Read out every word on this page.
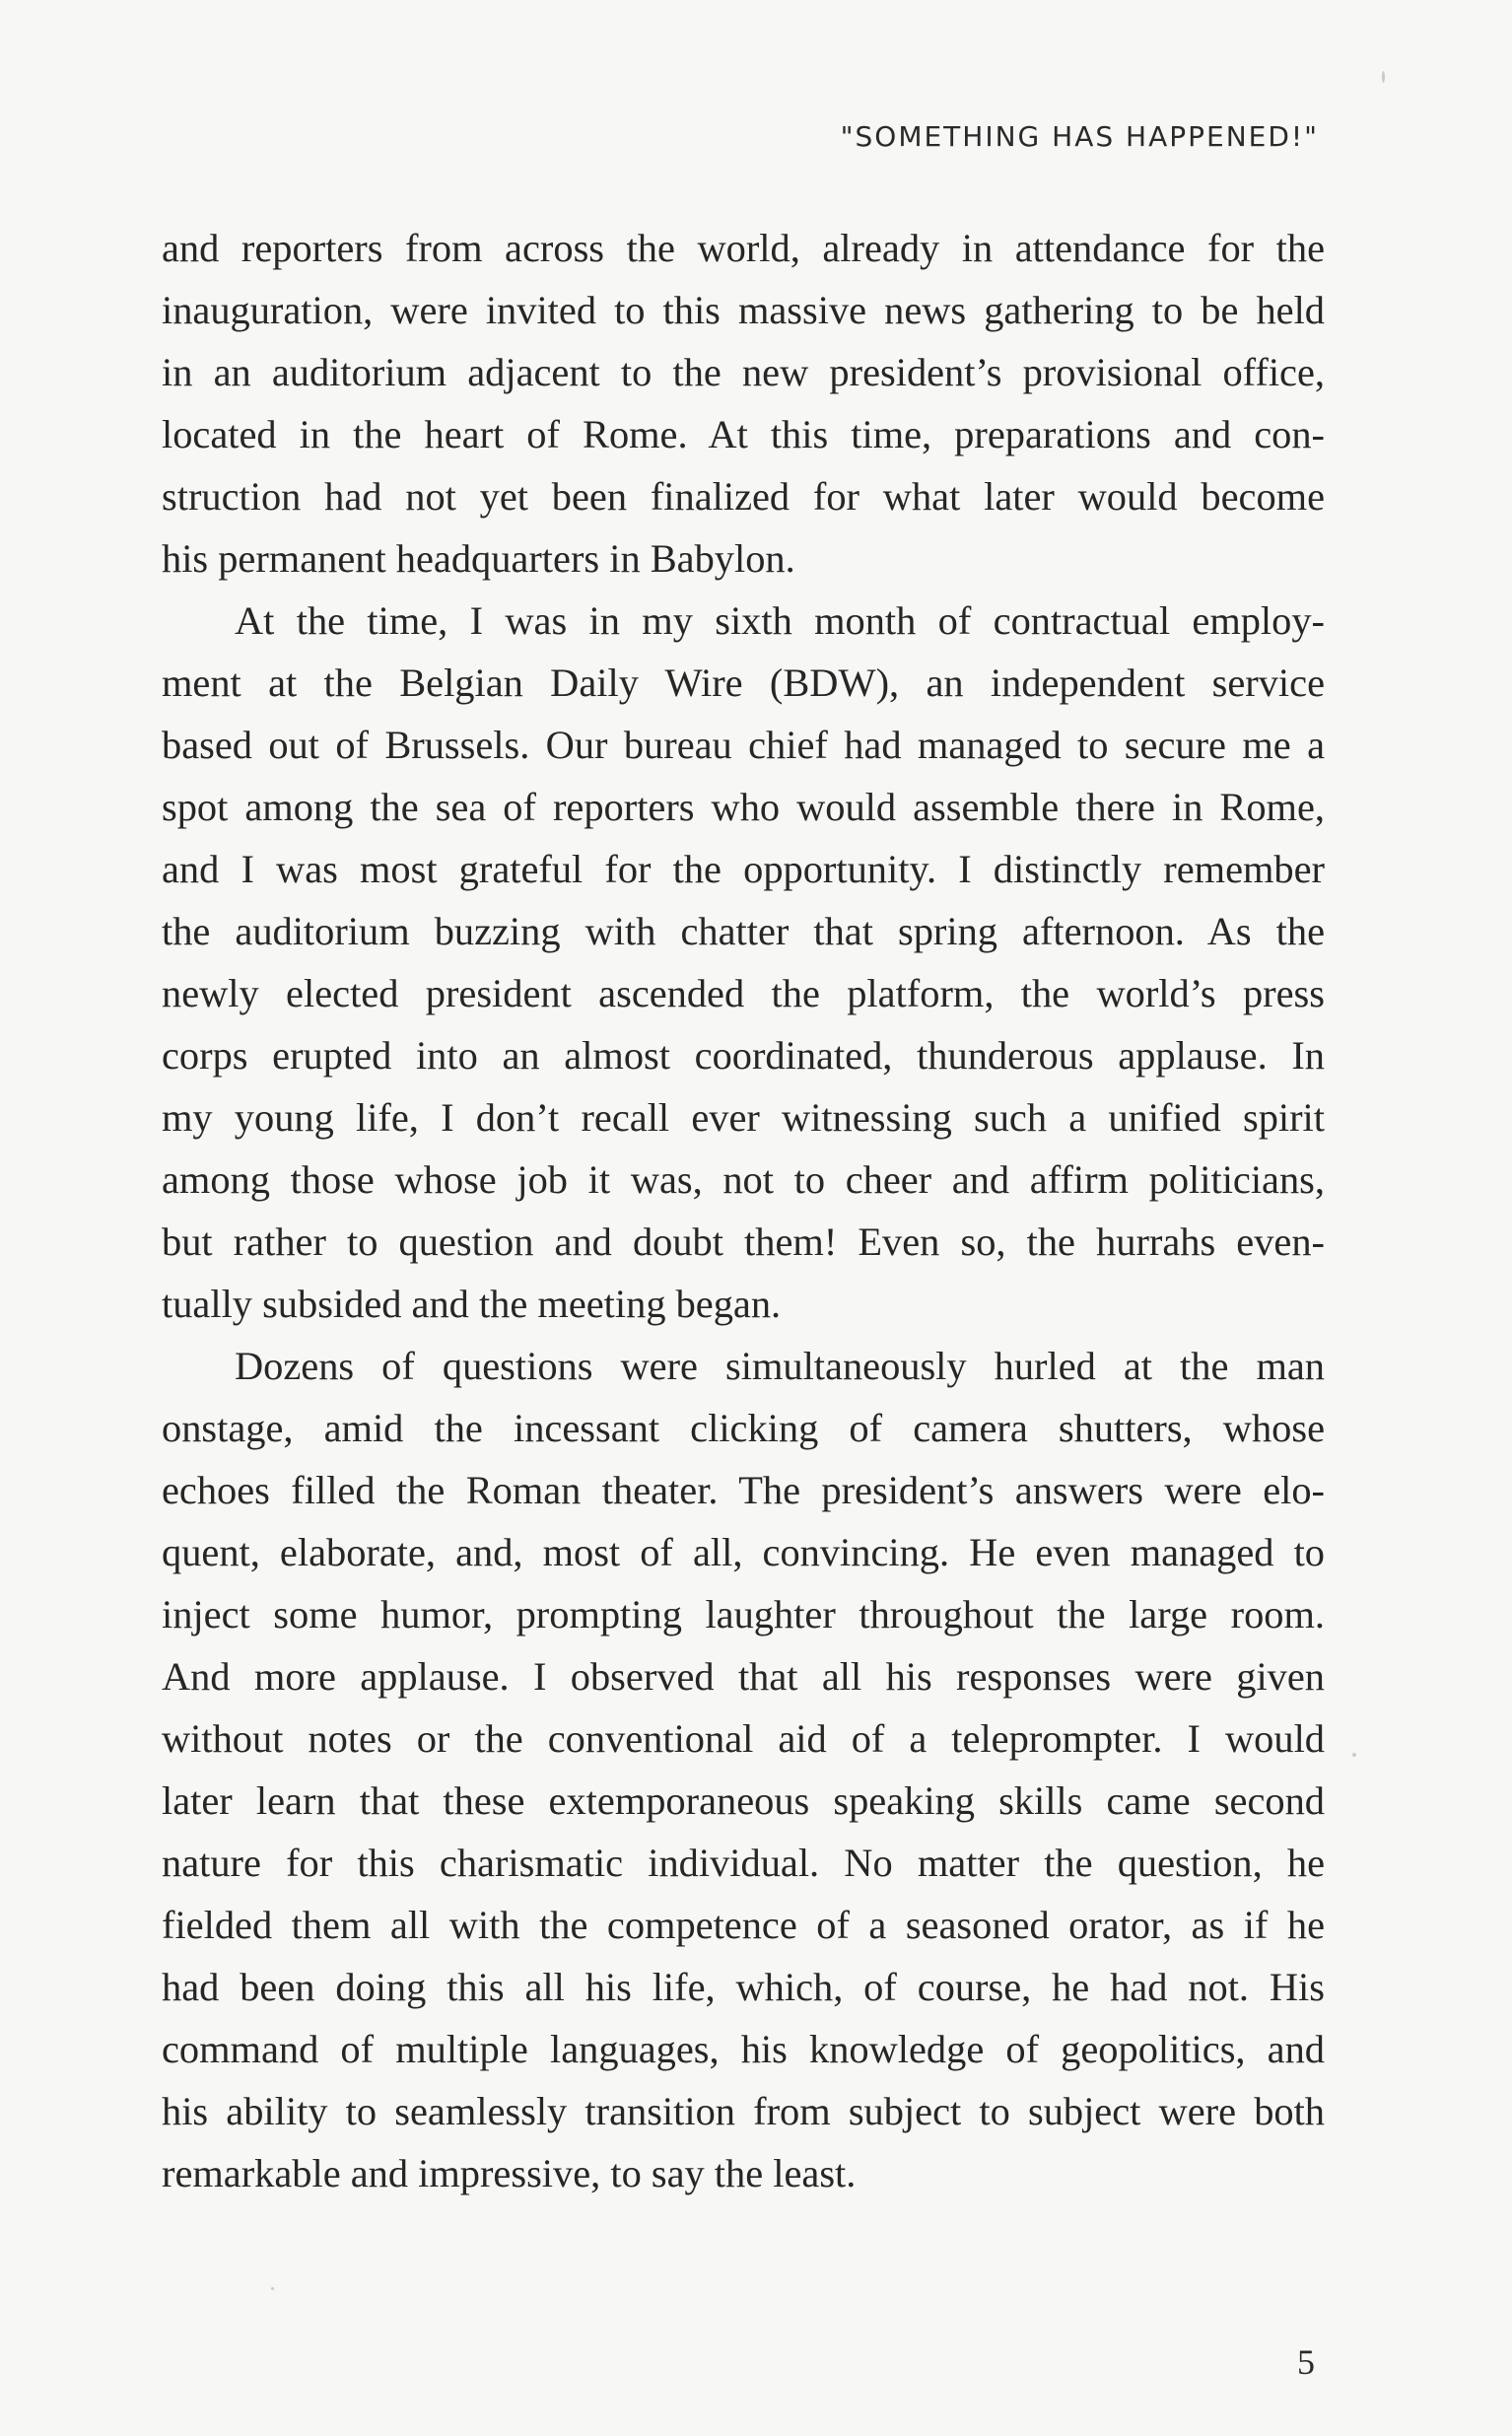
"SOMETHING HAS HAPPENED!"
and reporters from across the world, already in attendance for the
inauguration, were invited to this massive news gathering to be held
in an auditorium adjacent to the new president’s provisional office,
located in the heart of Rome. At this time, preparations and con-
struction had not yet been finalized for what later would become
his permanent headquarters in Babylon.
At the time, I was in my sixth month of contractual employ-
ment at the Belgian Daily Wire (BDW), an independent service
based out of Brussels. Our bureau chief had managed to secure me a
spot among the sea of reporters who would assemble there in Rome,
and I was most grateful for the opportunity. I distinctly remember
the auditorium buzzing with chatter that spring afternoon. As the
newly elected president ascended the platform, the world’s press
corps erupted into an almost coordinated, thunderous applause. In
my young life, I don’t recall ever witnessing such a unified spirit
among those whose job it was, not to cheer and affirm politicians,
but rather to question and doubt them! Even so, the hurrahs even-
tually subsided and the meeting began.
Dozens of questions were simultaneously hurled at the man
onstage, amid the incessant clicking of camera shutters, whose
echoes filled the Roman theater. The president’s answers were elo-
quent, elaborate, and, most of all, convincing. He even managed to
inject some humor, prompting laughter throughout the large room.
And more applause. I observed that all his responses were given
without notes or the conventional aid of a teleprompter. I would
later learn that these extemporaneous speaking skills came second
nature for this charismatic individual. No matter the question, he
fielded them all with the competence of a seasoned orator, as if he
had been doing this all his life, which, of course, he had not. His
command of multiple languages, his knowledge of geopolitics, and
his ability to seamlessly transition from subject to subject were both
remarkable and impressive, to say the least.
5
